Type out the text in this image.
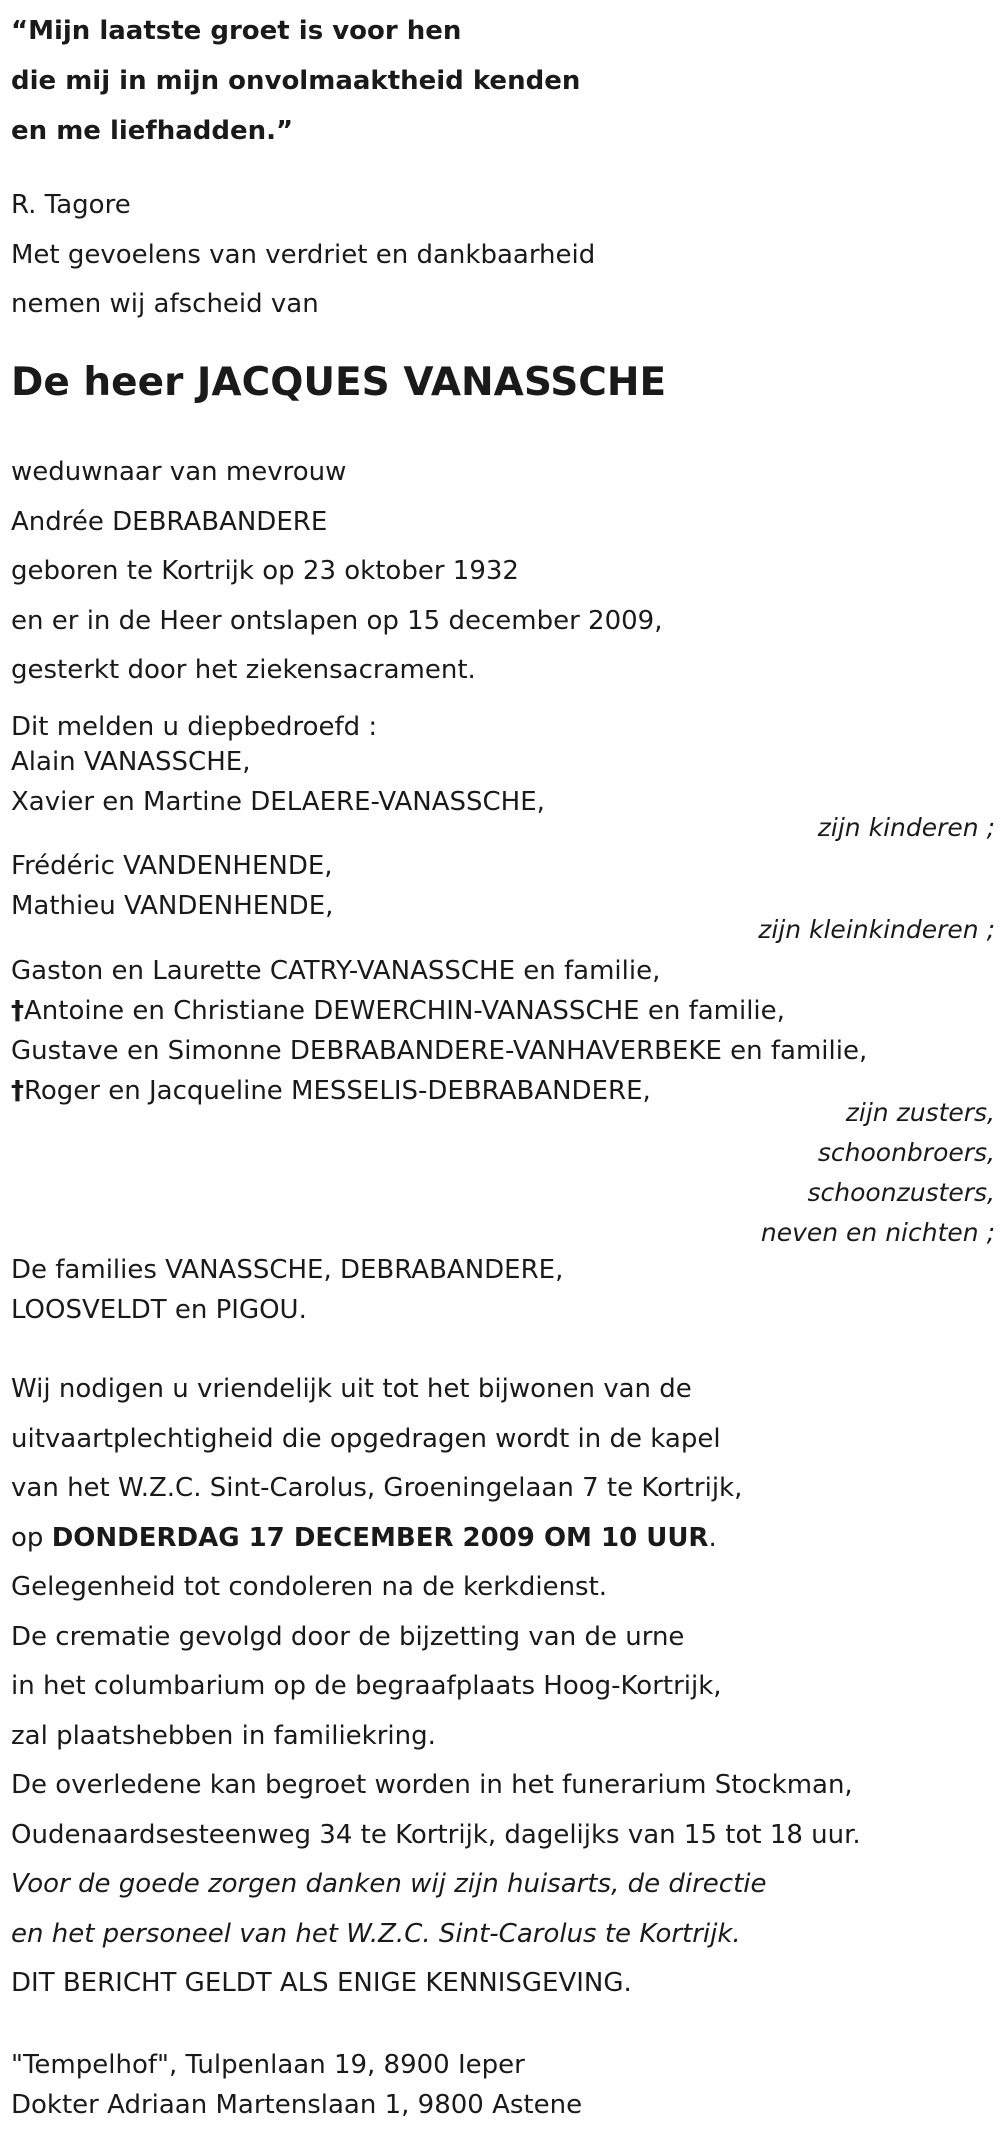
“Mijn laatste groet is voor hen
die mij in mijn onvolmaaktheid kenden
en me liefhadden.”
R. Tagore
Met gevoelens van verdriet en dankbaarheid
nemen wij afscheid van
De heer JACQUES VANASSCHE
weduwnaar van mevrouw
Andrée DEBRABANDERE
geboren te Kortrijk op 23 oktober 1932
en er in de Heer ontslapen op 15 december 2009,
gesterkt door het ziekensacrament.
Dit melden u diepbedroefd :
Alain VANASSCHE,
Xavier en Martine DELAERE-VANASSCHE,
zijn kinderen ;
Frédéric VANDENHENDE,
Mathieu VANDENHENDE,
zijn kleinkinderen ;
Gaston en Laurette CATRY-VANASSCHE en familie,
†Antoine en Christiane DEWERCHIN-VANASSCHE en familie,
Gustave en Simonne DEBRABANDERE-VANHAVERBEKE en familie,
†Roger en Jacqueline MESSELIS-DEBRABANDERE,
zijn zusters,
schoonbroers,
schoonzusters,
neven en nichten ;
De families VANASSCHE, DEBRABANDERE,
LOOSVELDT en PIGOU.
Wij nodigen u vriendelijk uit tot het bijwonen van de
uitvaartplechtigheid die opgedragen wordt in de kapel
van het W.Z.C. Sint-Carolus, Groeningelaan 7 te Kortrijk,
op DONDERDAG 17 DECEMBER 2009 OM 10 UUR.
Gelegenheid tot condoleren na de kerkdienst.
De crematie gevolgd door de bijzetting van de urne
in het columbarium op de begraafplaats Hoog-Kortrijk,
zal plaatshebben in familiekring.
De overledene kan begroet worden in het funerarium Stockman,
Oudenaardsesteenweg 34 te Kortrijk, dagelijks van 15 tot 18 uur.
Voor de goede zorgen danken wij zijn huisarts, de directie
en het personeel van het W.Z.C. Sint-Carolus te Kortrijk.
DIT BERICHT GELDT ALS ENIGE KENNISGEVING.
"Tempelhof", Tulpenlaan 19, 8900 Ieper
Dokter Adriaan Martenslaan 1, 9800 Astene
